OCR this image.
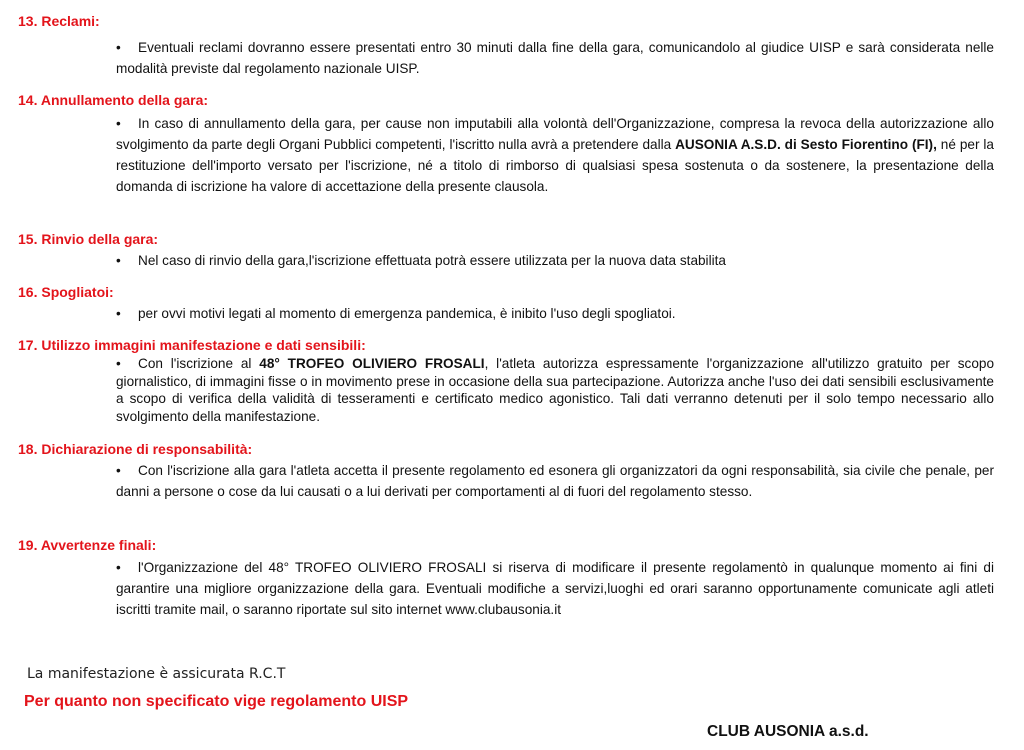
13. Reclami:
• Eventuali reclami dovranno essere presentati entro 30 minuti dalla fine della gara, comunicandolo al giudice UISP e sarà considerata nelle modalità previste dal regolamento nazionale UISP.
14. Annullamento della gara:
• In caso di annullamento della gara, per cause non imputabili alla volontà dell'Organizzazione, compresa la revoca della autorizzazione allo svolgimento da parte degli Organi Pubblici competenti, l'iscritto nulla avrà a pretendere dalla AUSONIA A.S.D. di Sesto Fiorentino (FI), né per la restituzione dell'importo versato per l'iscrizione, né a titolo di rimborso di qualsiasi spesa sostenuta o da sostenere, la presentazione della domanda di iscrizione ha valore di accettazione della presente clausola.
15. Rinvio della gara:
• Nel caso di rinvio della gara,l'iscrizione effettuata potrà essere utilizzata per la nuova data stabilita
16. Spogliatoi:
• per ovvi motivi legati al momento di emergenza pandemica, è inibito l'uso degli spogliatoi.
17. Utilizzo immagini manifestazione e dati sensibili:
• Con l'iscrizione al 48° TROFEO OLIVIERO FROSALI, l'atleta autorizza espressamente l'organizzazione all'utilizzo gratuito per scopo giornalistico, di immagini fisse o in movimento prese in occasione della sua partecipazione. Autorizza anche l'uso dei dati sensibili esclusivamente a scopo di verifica della validità di tesseramenti e certificato medico agonistico. Tali dati verranno detenuti per il solo tempo necessario allo svolgimento della manifestazione.
18. Dichiarazione di responsabilità:
• Con l'iscrizione alla gara l'atleta accetta il presente regolamento ed esonera gli organizzatori da ogni responsabilità, sia civile che penale, per danni a persone o cose da lui causati o a lui derivati per comportamenti al di fuori del regolamento stesso.
19. Avvertenze finali:
• l'Organizzazione del 48° TROFEO OLIVIERO FROSALI si riserva di modificare il presente regolamentò in qualunque momento ai fini di garantire una migliore organizzazione della gara. Eventuali modifiche a servizi,luoghi ed orari saranno opportunamente comunicate agli atleti iscritti tramite mail, o saranno riportate sul sito internet www.clubausonia.it
La manifestazione è assicurata R.C.T
Per quanto non specificato vige regolamento UISP
CLUB AUSONIA a.s.d.
